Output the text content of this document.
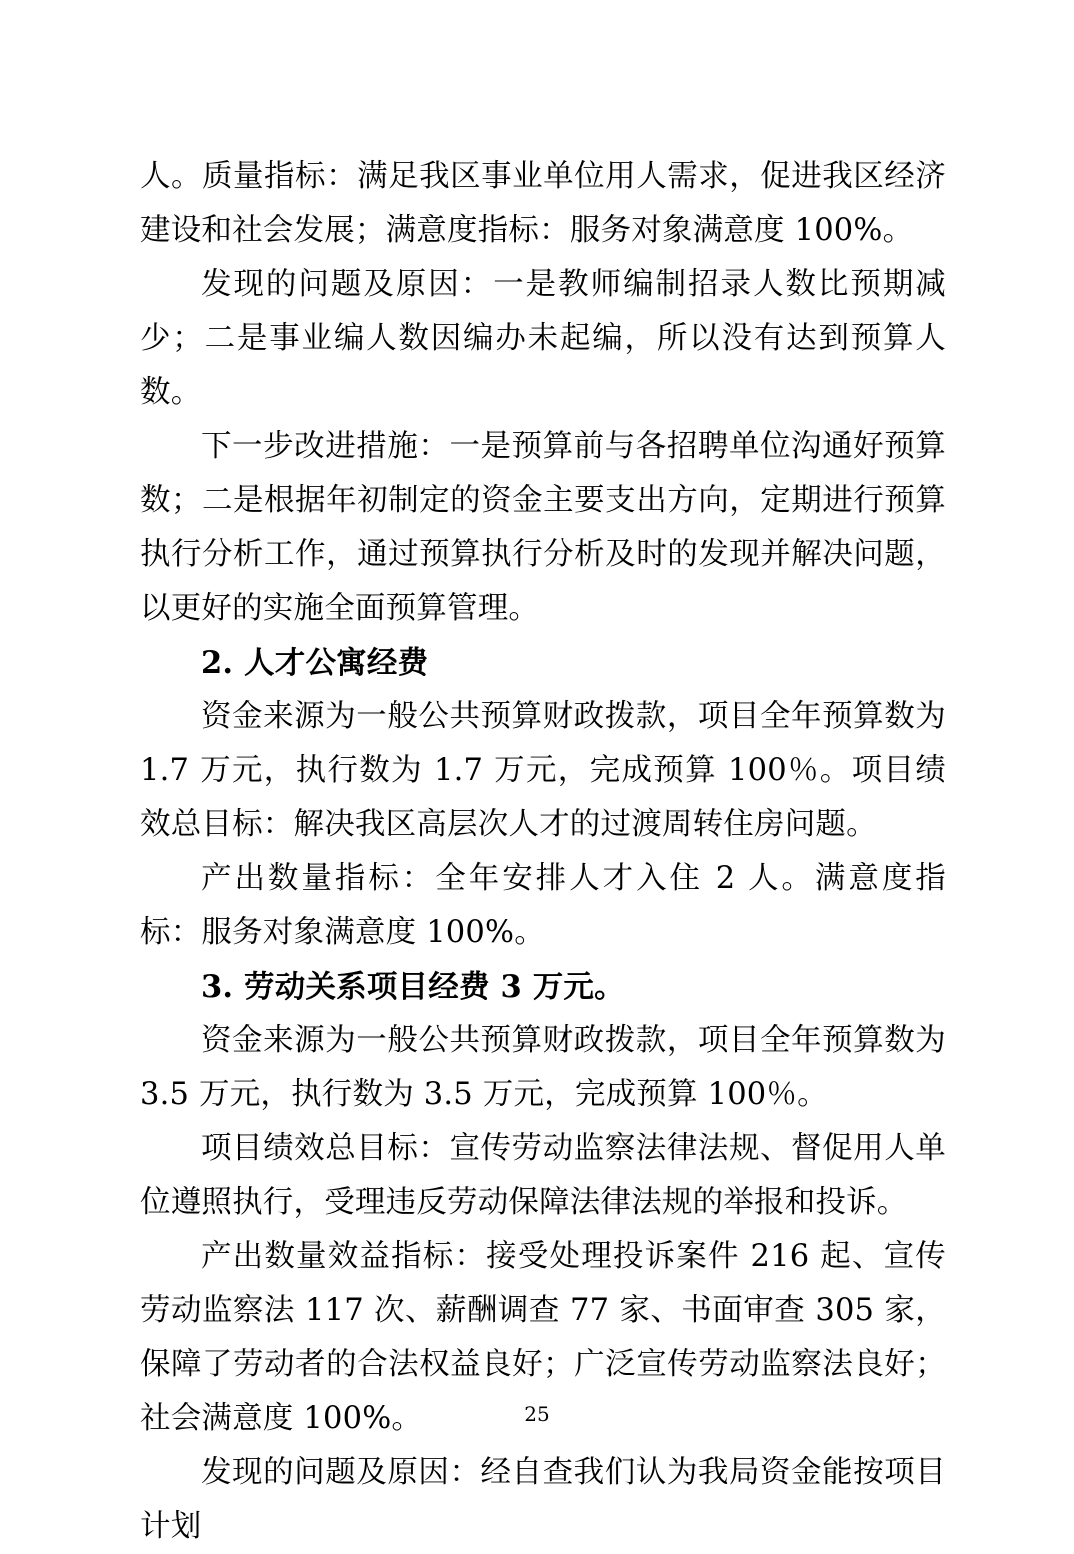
人。质量指标：满足我区事业单位用人需求，促进我区经济建设和社会发展；满意度指标：服务对象满意度 100%。

发现的问题及原因：一是教师编制招录人数比预期减少；二是事业编人数因编办未起编，所以没有达到预算人数。

下一步改进措施：一是预算前与各招聘单位沟通好预算数；二是根据年初制定的资金主要支出方向，定期进行预算执行分析工作，通过预算执行分析及时的发现并解决问题，以更好的实施全面预算管理。

2. 人才公寓经费

资金来源为一般公共预算财政拨款，项目全年预算数为 1.7 万元，执行数为 1.7 万元，完成预算 100％。项目绩效总目标：解决我区高层次人才的过渡周转住房问题。

产出数量指标：全年安排人才入住 2 人。满意度指标：服务对象满意度 100%。

3. 劳动关系项目经费 3 万元。

资金来源为一般公共预算财政拨款，项目全年预算数为 3.5 万元，执行数为 3.5 万元，完成预算 100％。

项目绩效总目标：宣传劳动监察法律法规、督促用人单位遵照执行，受理违反劳动保障法律法规的举报和投诉。

产出数量效益指标：接受处理投诉案件 216 起、宣传劳动监察法 117 次、薪酬调查 77 家、书面审查 305 家，保障了劳动者的合法权益良好；广泛宣传劳动监察法良好；社会满意度 100%。

发现的问题及原因：经自查我们认为我局资金能按项目计划

25
